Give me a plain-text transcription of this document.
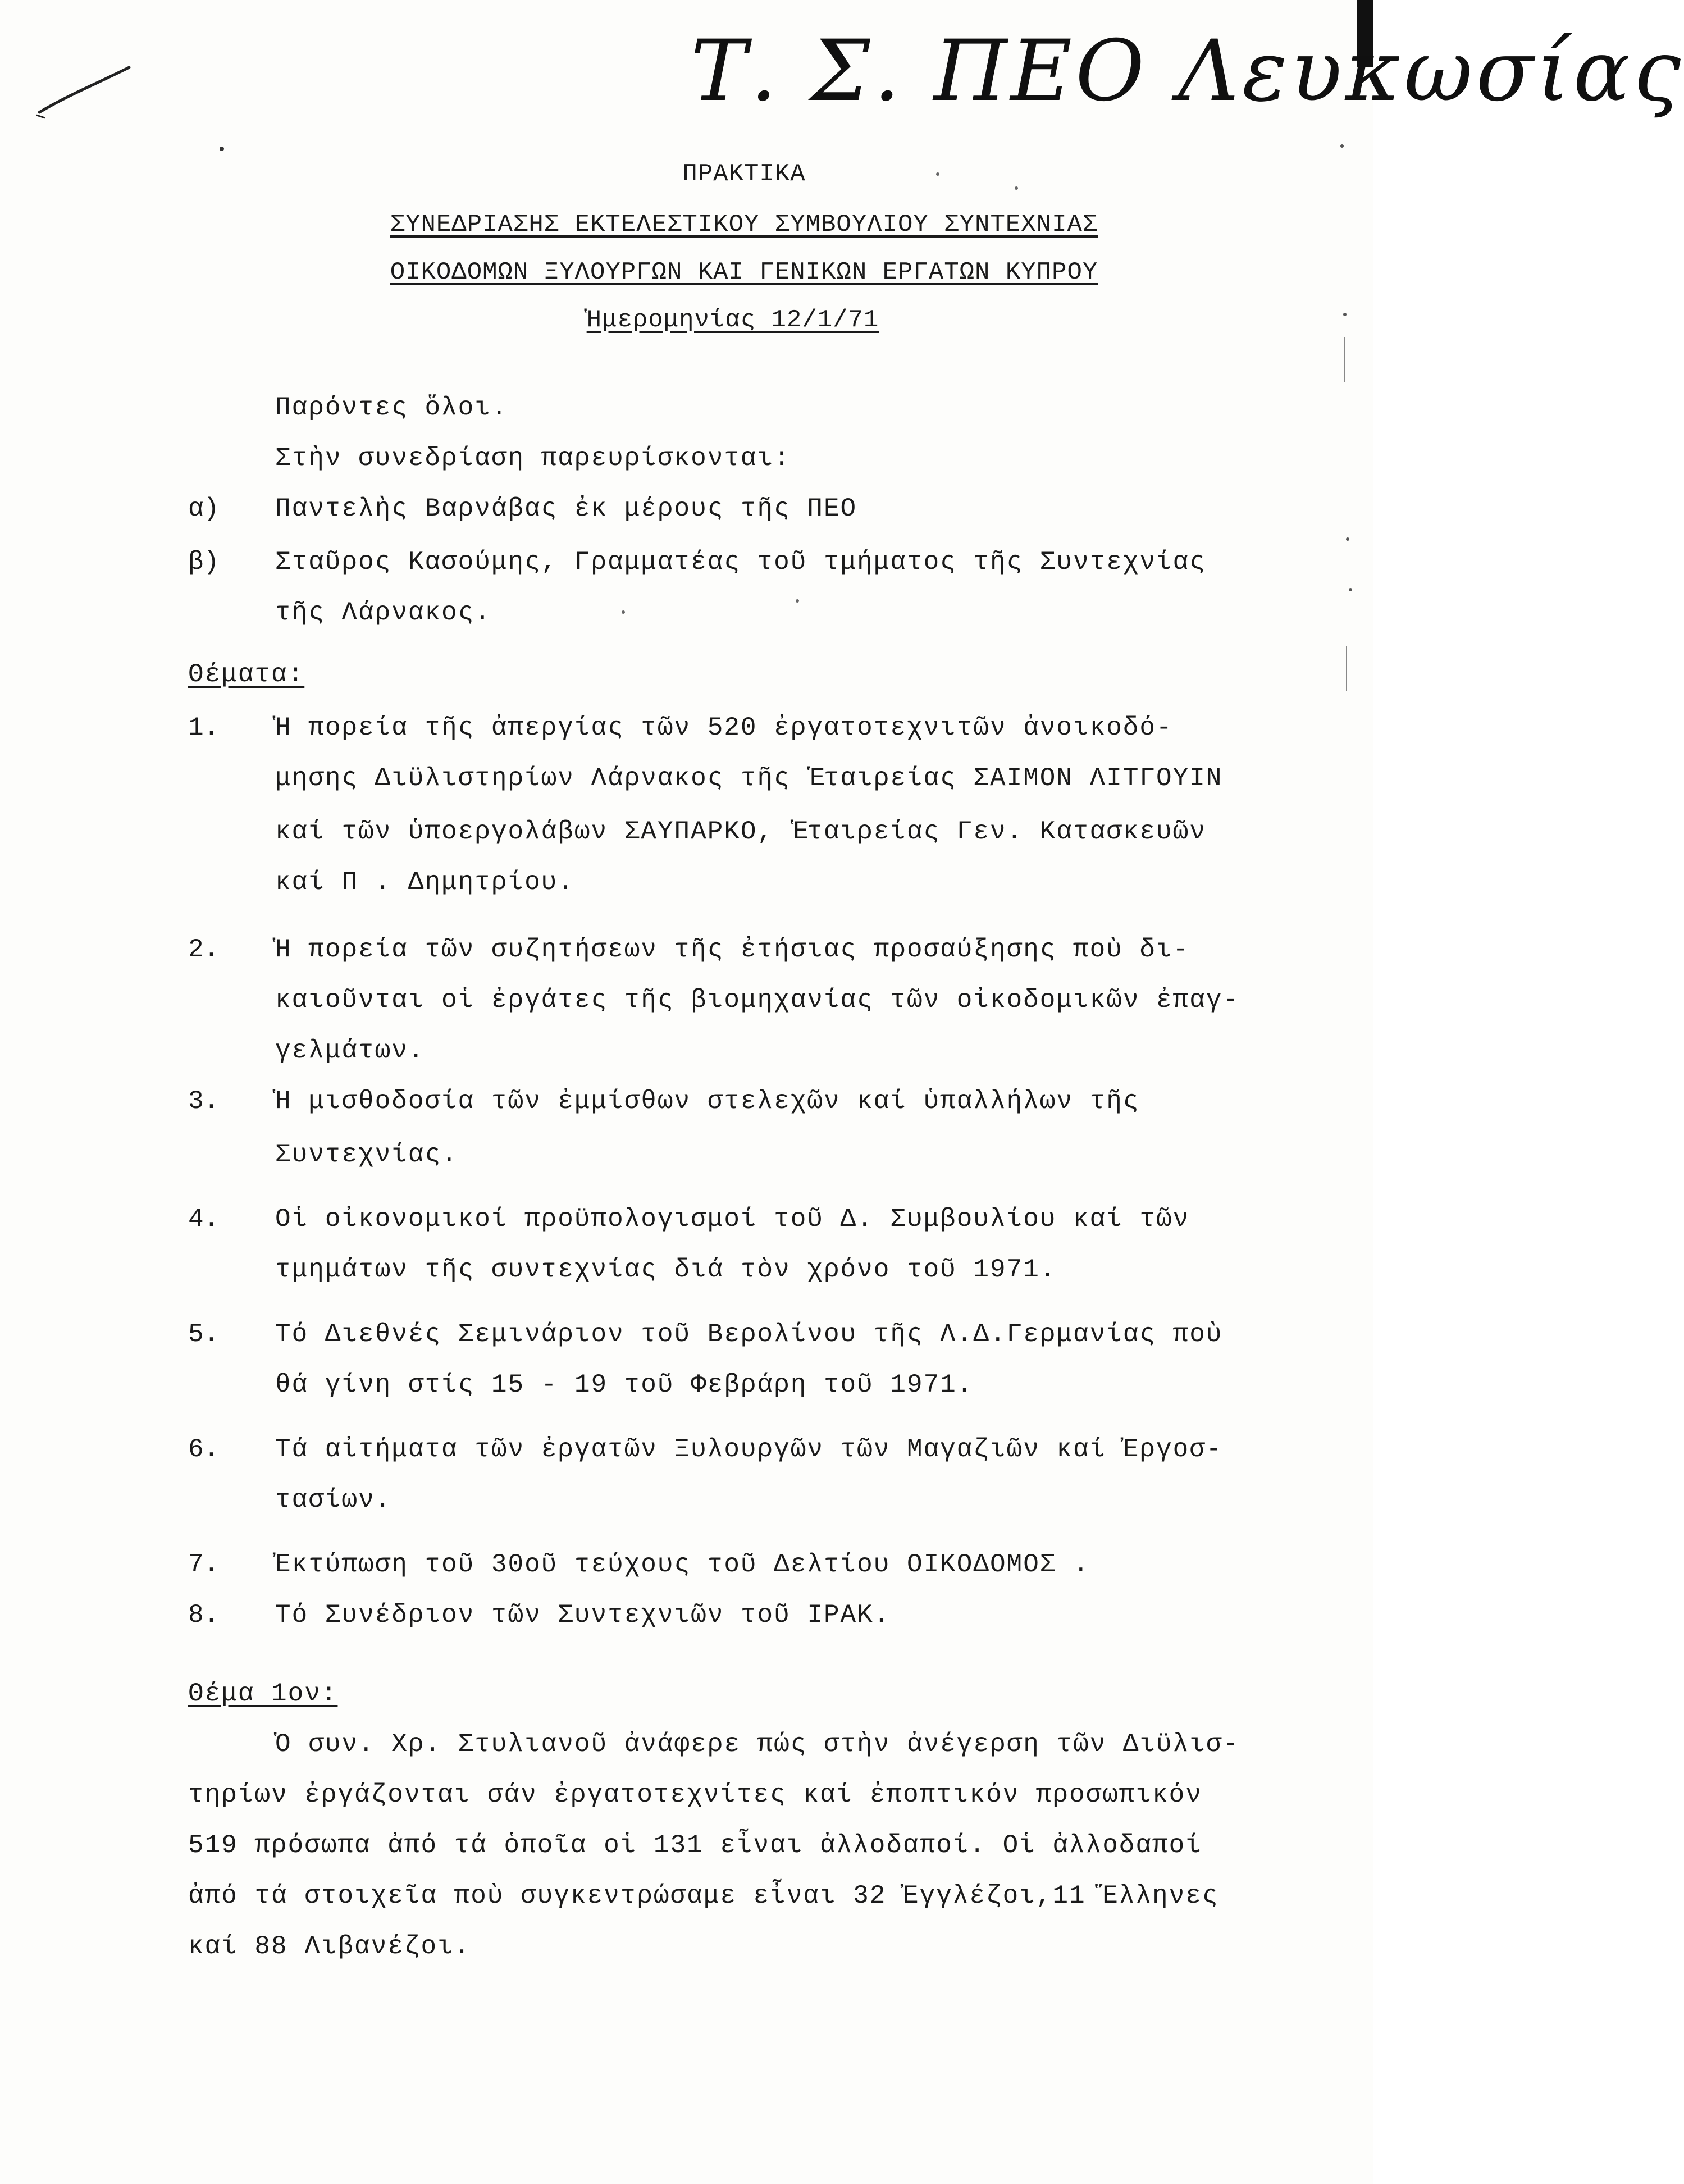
Τ. Σ. ΠΕΟ Λευκωσίας
ΠΡΑΚΤΙΚΑ
ΣΥΝΕΔΡΙΑΣΗΣ ΕΚΤΕΛΕΣΤΙΚΟΥ ΣΥΜΒΟΥΛΙΟΥ ΣΥΝΤΕΧΝΙΑΣ
ΟΙΚΟΔΟΜΩΝ ΞΥΛΟΥΡΓΩΝ ΚΑΙ ΓΕΝΙΚΩΝ ΕΡΓΑΤΩΝ ΚΥΠΡΟΥ
Ἡμερομηνίας 12/1/71
Παρόντες ὅλοι.
Στὴν συνεδρίαση παρευρίσκονται:
α) Παντελὴς Βαρνάβας ἐκ μέρους τῆς ΠΕΟ
β) Σταῦρος Κασούμης, Γραμματέας τοῦ τμήματος τῆς Συντεχνίας
τῆς Λάρνακος.
Θέματα:
1. Ἡ πορεία τῆς ἀπεργίας τῶν 520 ἐργατοτεχνιτῶν ἀνοικοδό-
μησης Διϋλιστηρίων Λάρνακος τῆς Ἑταιρείας ΣΑΙΜΟΝ ΛΙΤΓΟΥΙΝ
καί τῶν ὑποεργολάβων ΣΑΥΠΑΡΚΟ, Ἑταιρείας Γεν. Κατασκευῶν
καί Π . Δημητρίου.
2. Ἡ πορεία τῶν συζητήσεων τῆς ἐτήσιας προσαύξησης ποὺ δι-
καιοῦνται οἱ ἐργάτες τῆς βιομηχανίας τῶν οἰκοδομικῶν ἐπαγ-
γελμάτων.
3. Ἡ μισθοδοσία τῶν ἐμμίσθων στελεχῶν καί ὑπαλλήλων τῆς
Συντεχνίας.
4. Οἱ οἰκονομικοί προϋπολογισμοί τοῦ Δ. Συμβουλίου καί τῶν
τμημάτων τῆς συντεχνίας διά τὸν χρόνο τοῦ 1971.
5. Τό Διεθνές Σεμινάριον τοῦ Βερολίνου τῆς Λ.Δ.Γερμανίας ποὺ
θά γίνη στίς 15 - 19 τοῦ Φεβράρη τοῦ 1971.
6. Τά αἰτήματα τῶν ἐργατῶν Ξυλουργῶν τῶν Μαγαζιῶν καί Ἐργοσ-
τασίων.
7. Ἐκτύπωση τοῦ 30οῦ τεύχους τοῦ Δελτίου ΟΙΚΟΔΟΜΟΣ .
8. Τό Συνέδριον τῶν Συντεχνιῶν τοῦ ΙΡΑΚ.
Θέμα 1ον:
Ὁ συν. Χρ. Στυλιανοῦ ἀνάφερε πώς στὴν ἀνέγερση τῶν Διϋλισ-
τηρίων ἐργάζονται σάν ἐργατοτεχνίτες καί ἐποπτικόν προσωπικόν
519 πρόσωπα ἀπό τά ὁποῖα οἱ 131 εἶναι ἀλλοδαποί. Οἱ ἀλλοδαποί
ἀπό τά στοιχεῖα ποὺ συγκεντρώσαμε εἶναι 32 Ἐγγλέζοι,11 Ἕλληνες
καί 88 Λιβανέζοι.
